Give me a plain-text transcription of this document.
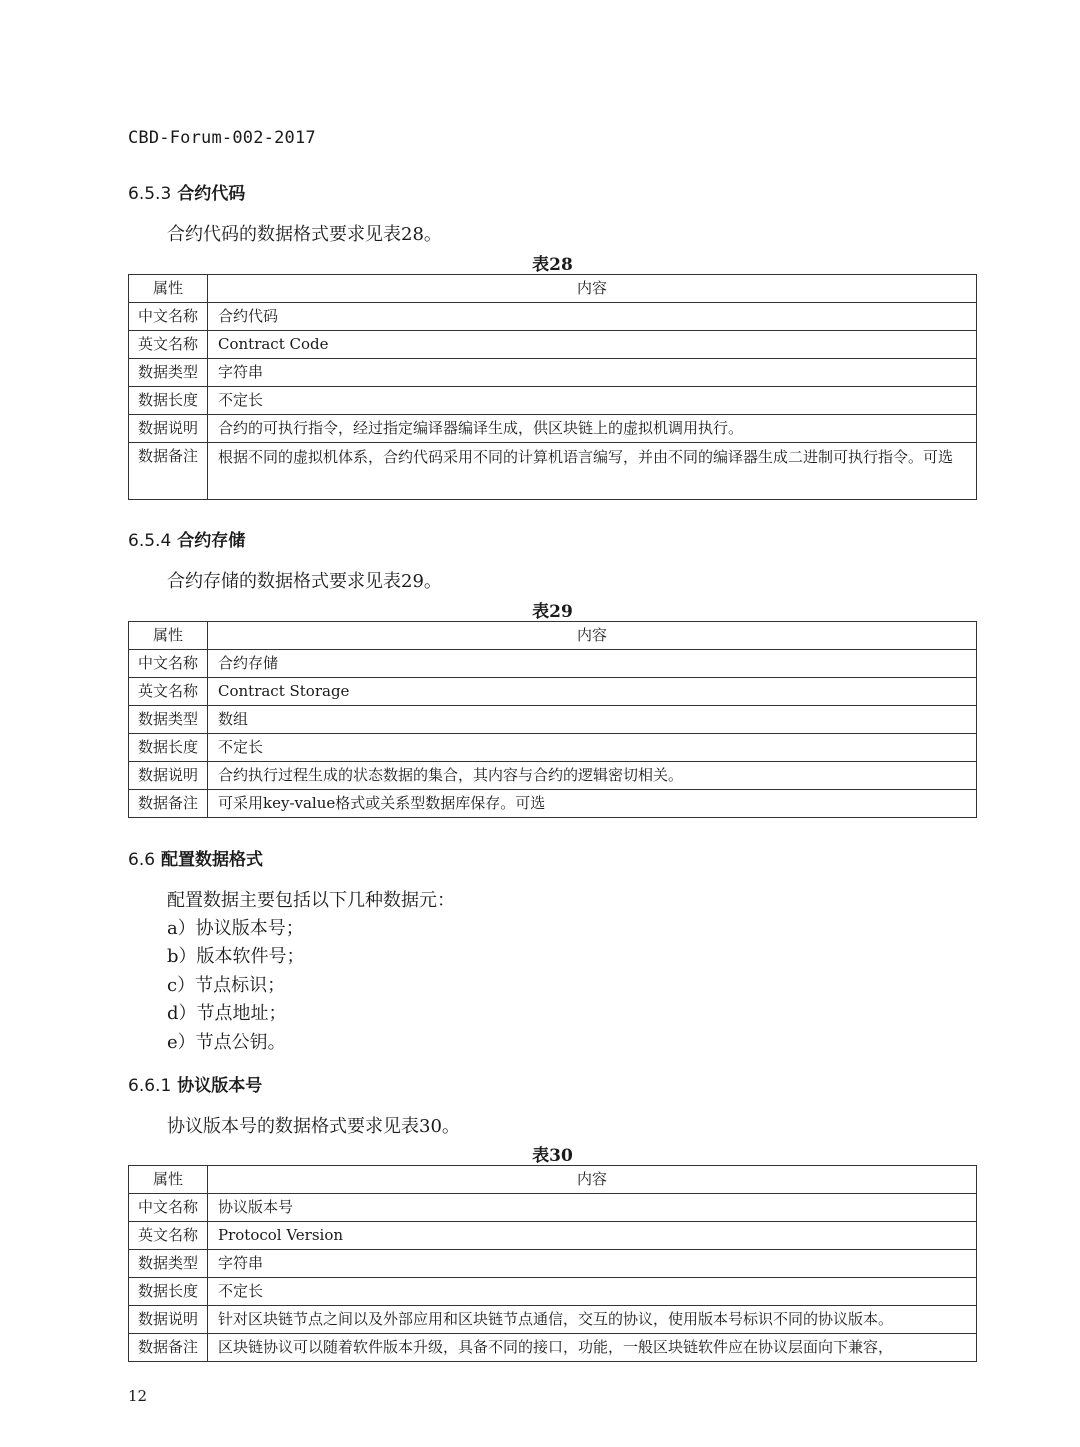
CBD-Forum-002-2017
6.5.3 合约代码
合约代码的数据格式要求见表28。
表28
属性	内容
中文名称	合约代码
英文名称	Contract Code
数据类型	字符串
数据长度	不定长
数据说明	合约的可执行指令，经过指定编译器编译生成，供区块链上的虚拟机调用执行。
数据备注	根据不同的虚拟机体系，合约代码采用不同的计算机语言编写，并由不同的编译器生成二进制可执行指令。可选
6.5.4 合约存储
合约存储的数据格式要求见表29。
表29
属性	内容
中文名称	合约存储
英文名称	Contract Storage
数据类型	数组
数据长度	不定长
数据说明	合约执行过程生成的状态数据的集合，其内容与合约的逻辑密切相关。
数据备注	可采用key-value格式或关系型数据库保存。可选
6.6 配置数据格式
配置数据主要包括以下几种数据元：
a）协议版本号；
b）版本软件号；
c）节点标识；
d）节点地址；
e）节点公钥。
6.6.1 协议版本号
协议版本号的数据格式要求见表30。
表30
属性	内容
中文名称	协议版本号
英文名称	Protocol Version
数据类型	字符串
数据长度	不定长
数据说明	针对区块链节点之间以及外部应用和区块链节点通信，交互的协议，使用版本号标识不同的协议版本。
数据备注	区块链协议可以随着软件版本升级，具备不同的接口，功能，一般区块链软件应在协议层面向下兼容，
12
